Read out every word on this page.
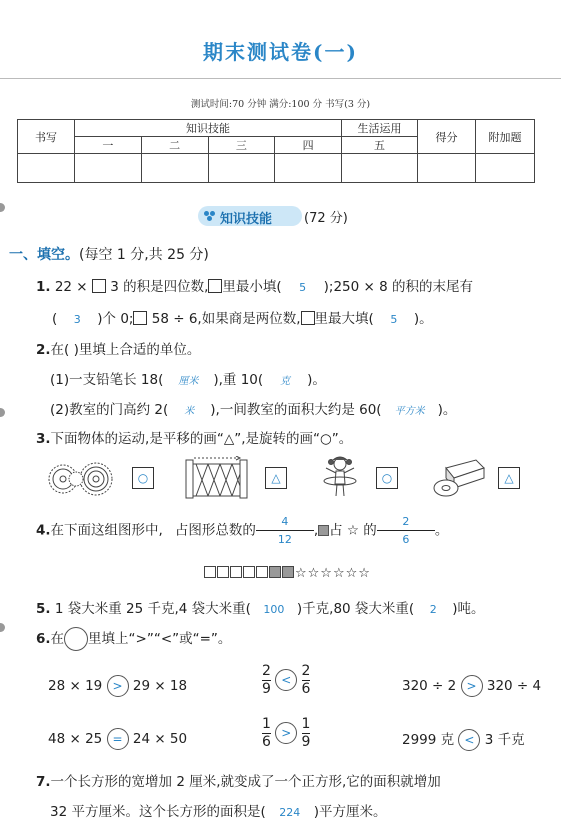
期末测试卷(一)
测试时间:70 分钟 满分:100 分 书写(3 分)
书写	知识技能				生活运用	得分	附加题
	一	二	三	四	五		

知识技能	(72 分)
一、填空。(每空 1 分,共 25 分)
1. 22 ×  3 的积是四位数, 里最小填( 5 );250 × 8 的积的末尾有
( 3 )个 0; 58 ÷ 6,如果商是两位数, 里最大填( 5 )。
2.在( )里填上合适的单位。
(1)一支铅笔长 18( 厘米 ),重 10( 克 )。
(2)教室的门高约 2( 米 ),一间教室的面积大约是 60( 平方米 )。
3.下面物体的运动,是平移的画“△”,是旋转的画“○”。
○	△	○	△
4.在下面这组图形中, 占图形总数的 $\frac{4}{12}$ , 占 ☆ 的 $\frac{2}{6}$ 。
☆☆☆☆☆☆
5. 1 袋大米重 25 千克,4 袋大米重( 100 )千克,80 袋大米重( 2 )吨。
6.在 里填上“>”“<”或“=”。
28 × 19 > 29 × 18	$\frac{2}{9} < \frac{2}{6}$	320 ÷ 2 > 320 ÷ 4
48 × 25 = 24 × 50	$\frac{1}{6} > \frac{1}{9}$	2999 克 < 3 千克
7.一个长方形的宽增加 2 厘米,就变成了一个正方形,它的面积就增加
32 平方厘米。这个长方形的面积是( 224 )平方厘米。
